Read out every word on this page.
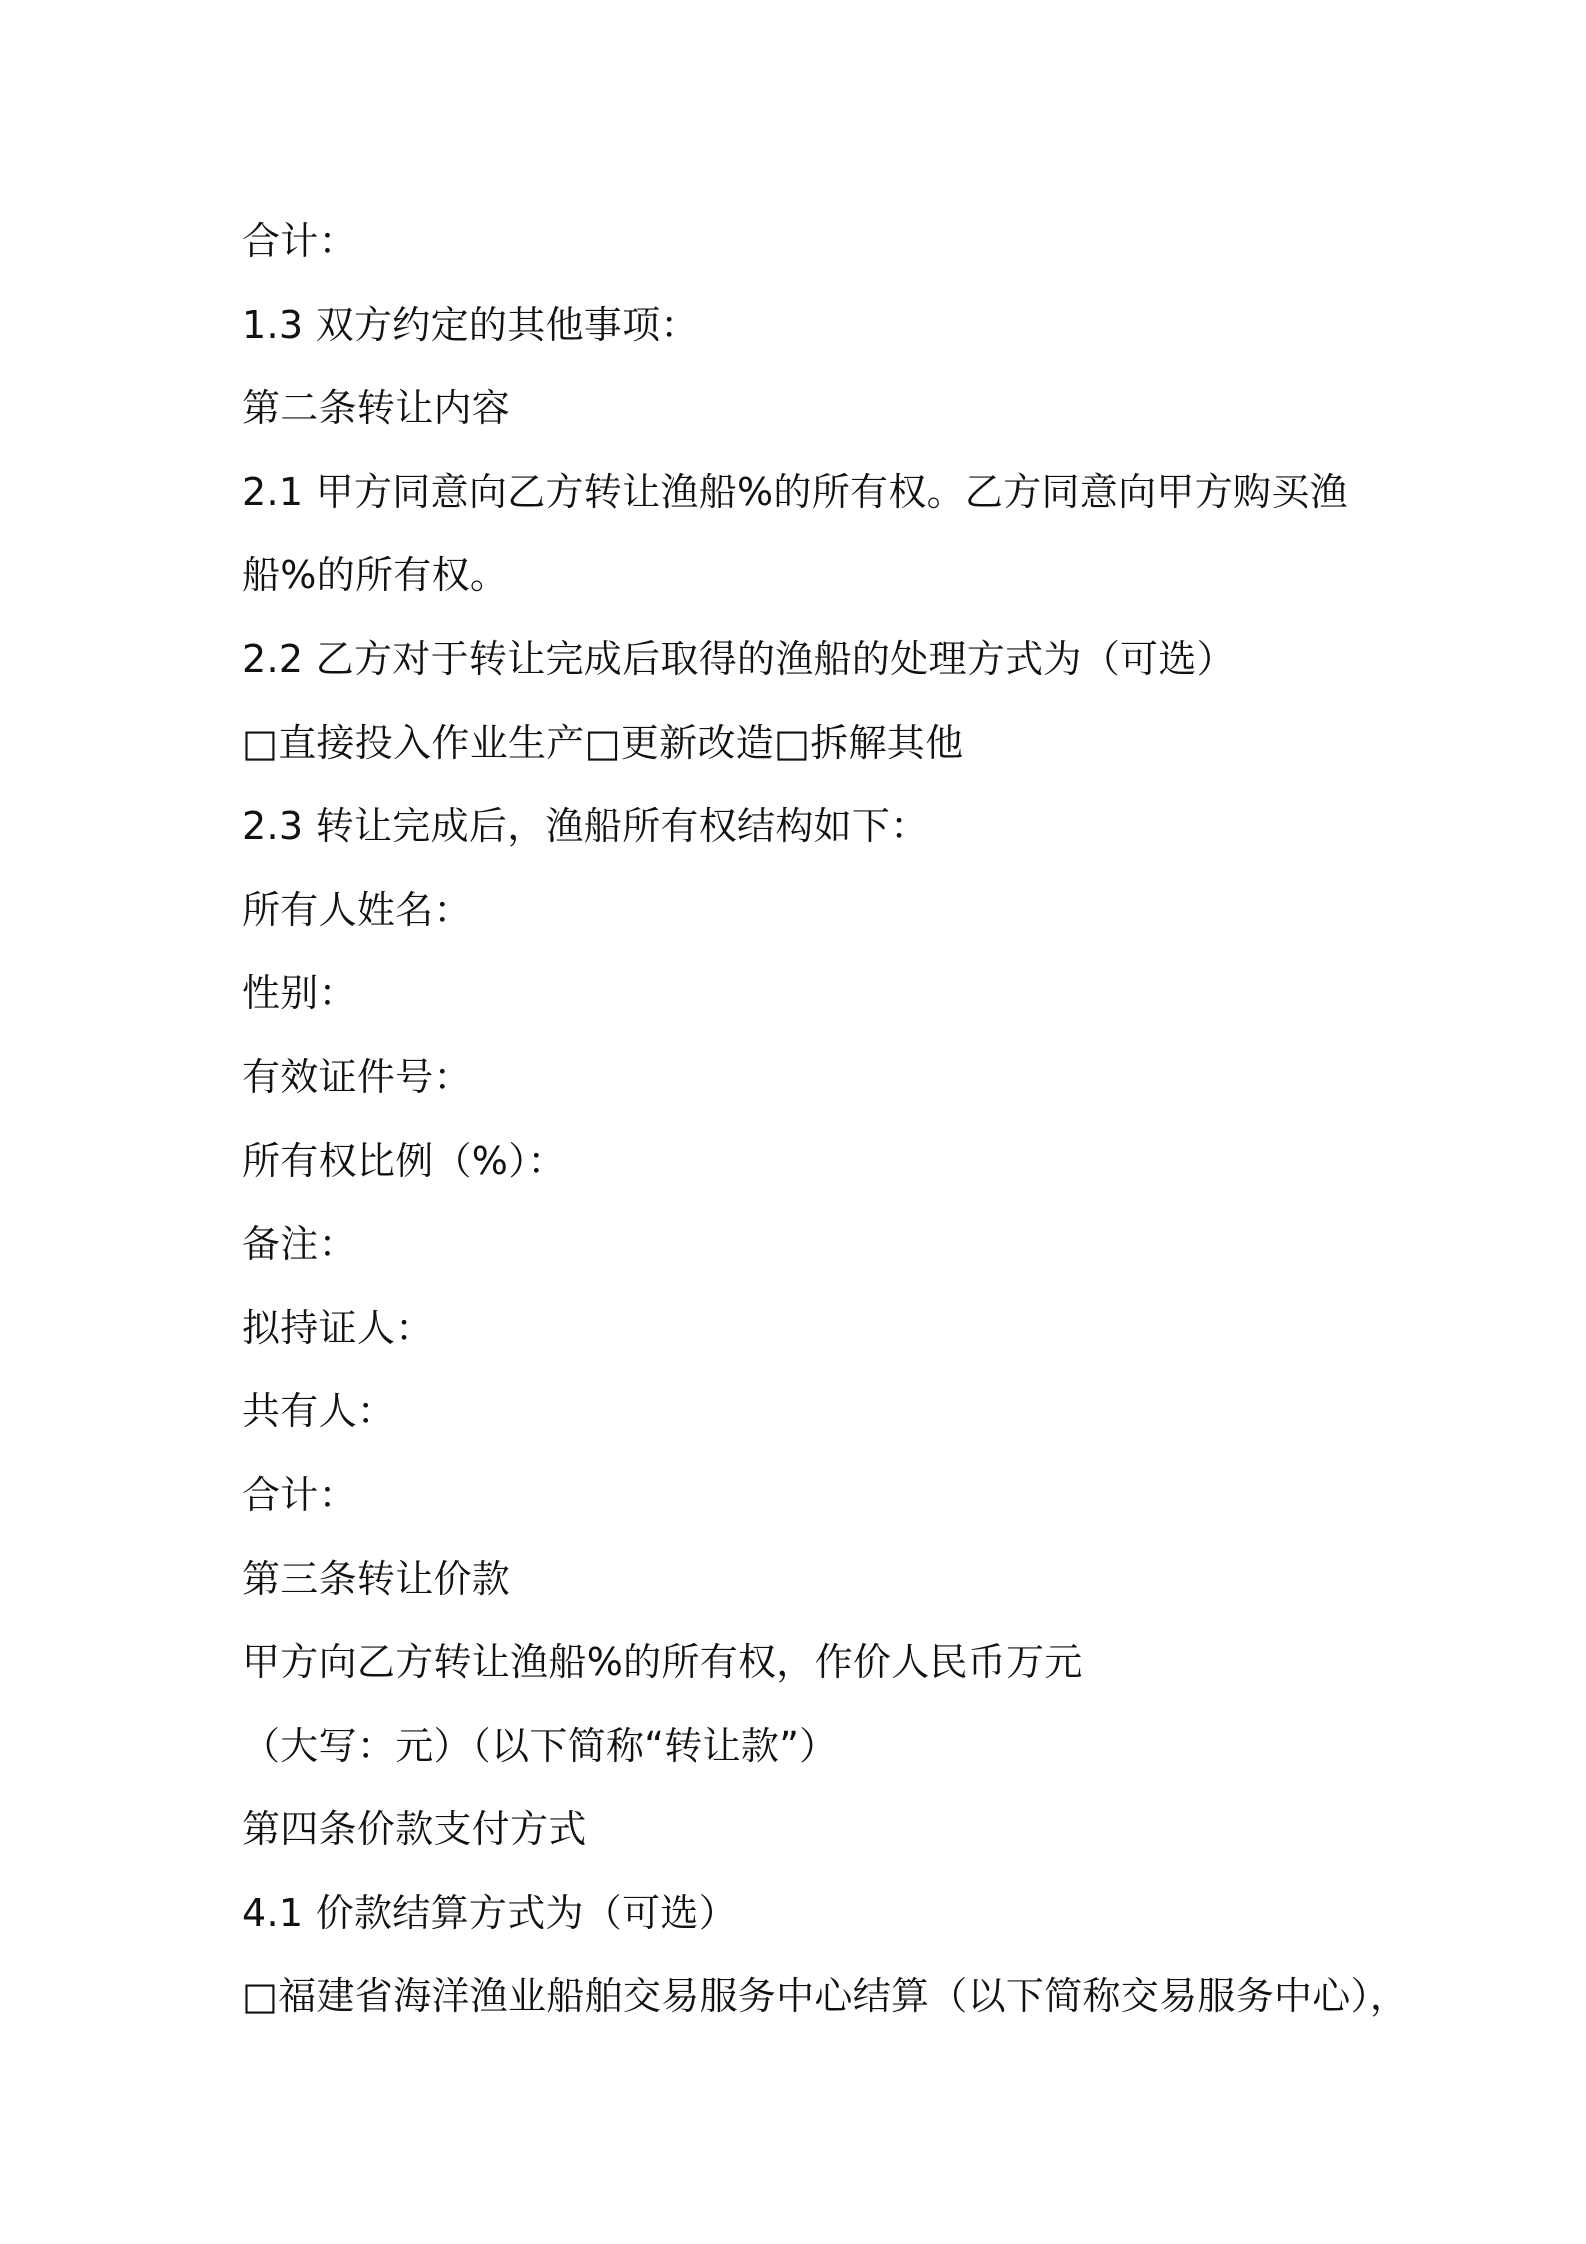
合计：
1.3 双方约定的其他事项：
第二条转让内容
2.1 甲方同意向乙方转让渔船%的所有权。乙方同意向甲方购买渔
船%的所有权。
2.2 乙方对于转让完成后取得的渔船的处理方式为（可选）
□直接投入作业生产□更新改造□拆解其他
2.3 转让完成后，渔船所有权结构如下：
所有人姓名：
性别：
有效证件号：
所有权比例（%）：
备注：
拟持证人：
共有人：
合计：
第三条转让价款
甲方向乙方转让渔船%的所有权，作价人民币万元
（大写：元）（以下简称“转让款”）
第四条价款支付方式
4.1 价款结算方式为（可选）
□福建省海洋渔业船舶交易服务中心结算（以下简称交易服务中心），
